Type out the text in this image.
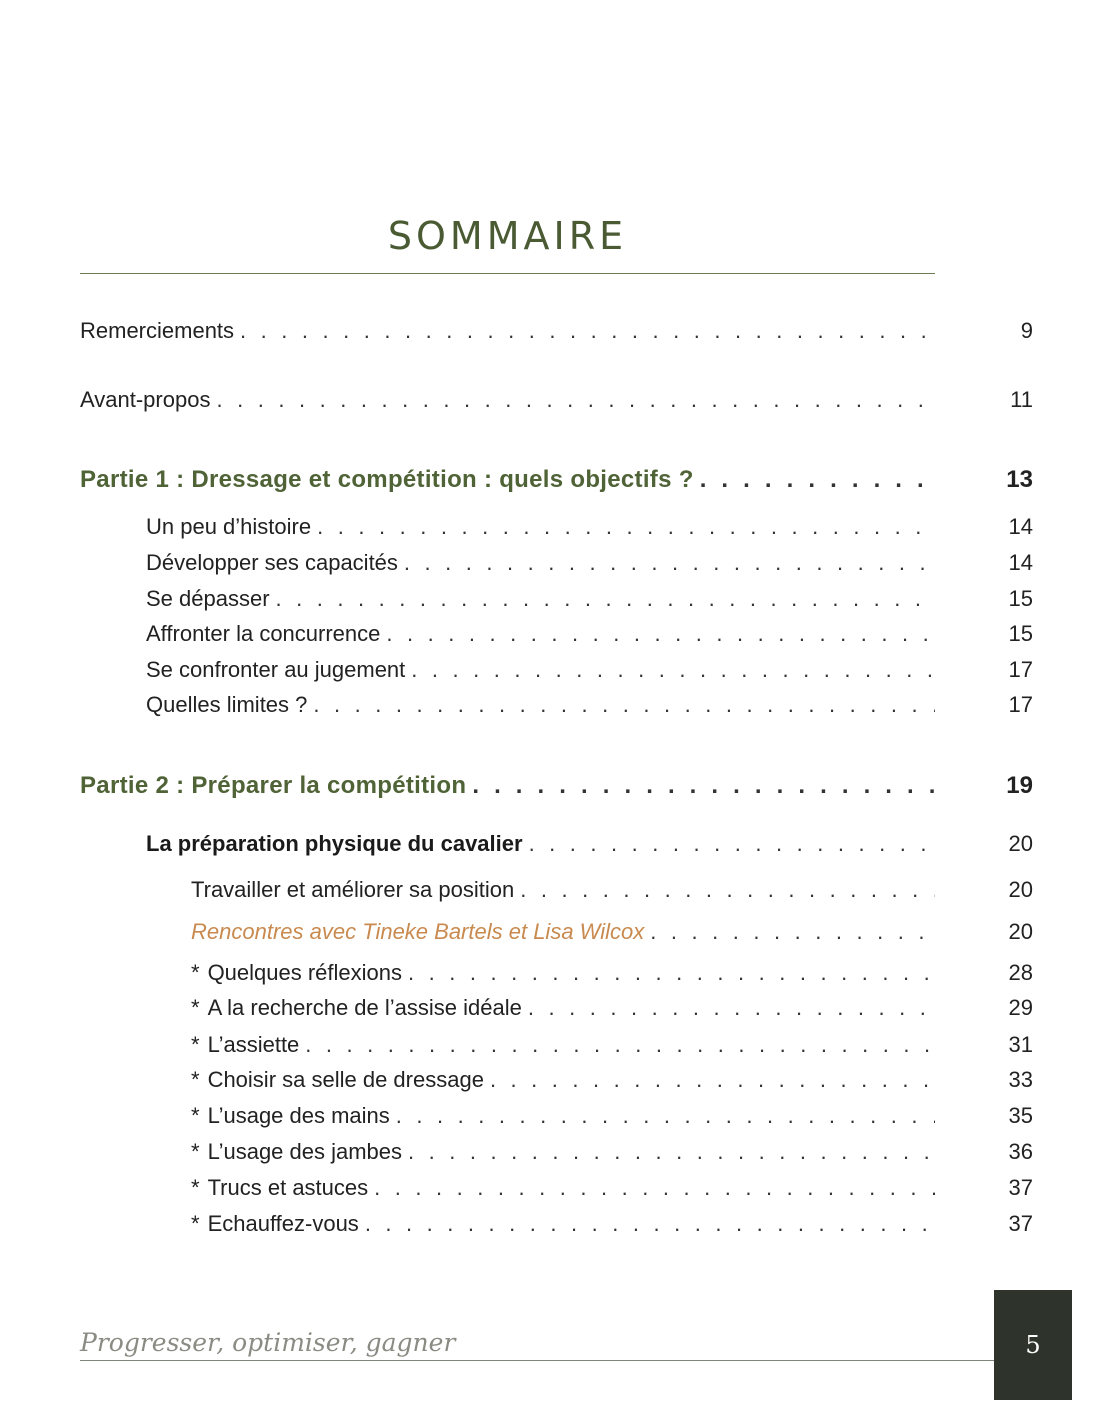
SOMMAIRE
Remerciements . . .	9
Avant-propos . . .	11
Partie 1 : Dressage et compétition : quels objectifs ? . . .	13
Un peu d’histoire . . .	14
Développer ses capacités . . .	14
Se dépasser . . .	15
Affronter la concurrence . . .	15
Se confronter au jugement . . .	17
Quelles limites ? . . .	17
Partie 2 : Préparer la compétition . . .	19
La préparation physique du cavalier . . .	20
Travailler et améliorer sa position . . .	20
Rencontres avec Tineke Bartels et Lisa Wilcox . . .	20
* Quelques réflexions . . .	28
* A la recherche de l’assise idéale . . .	29
* L’assiette . . .	31
* Choisir sa selle de dressage . . .	33
* L’usage des mains . . .	35
* L’usage des jambes . . .	36
* Trucs et astuces . . .	37
* Echauffez-vous . . .	37
Progresser, optimiser, gagner	5
